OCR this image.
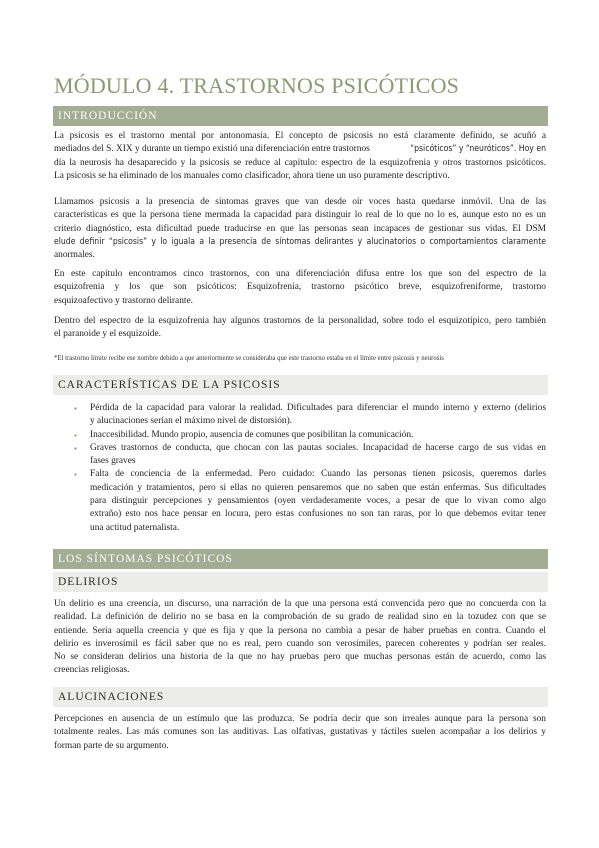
MÓDULO 4. TRASTORNOS PSICÓTICOS
INTRODUCCIÓN

La psicosis es el trastorno mental por antonomasia. El concepto de psicosis no está claramente definido, se acuñó a
mediados del S. XIX y durante un tiempo existió una diferenciación entre trastornos	“psicóticos” y “neuróticos”. Hoy en
día la neurosis ha desaparecido y la psicosis se reduce al capítulo: espectro de la esquizofrenia y otros trastornos psicóticos.
La psicosis se ha eliminado de los manuales como clasificador, ahora tiene un uso puramente descriptivo.

Llamamos psicosis a la presencia de síntomas graves que van desde oír voces hasta quedarse inmóvil. Una de las
características es que la persona tiene mermada la capacidad para distinguir lo real de lo que no lo es, aunque esto no es un
criterio diagnóstico, esta dificultad puede traducirse en que las personas sean incapaces de gestionar sus vidas. El DSM
elude definir “psicosis” y lo iguala a la presencia de síntomas delirantes y alucinatorios o comportamientos claramente
anormales.

En este capítulo encontramos cinco trastornos, con una diferenciación difusa entre los que son del espectro de la
esquizofrenia y los que son psicóticos: Esquizofrenia, trastorno psicótico breve, esquizofreniforme, trastorno
esquizoafectivo y trastorno delirante.

Dentro del espectro de la esquizofrenia hay algunos trastornos de la personalidad, sobre todo el esquizotípico, pero también
el paranoide y el esquizoide.

*El trastorno límite recibe ese nombre debido a que anteriormente se consideraba que este trastorno estaba en el límite entre psicosis y neurosis
CARACTERÍSTICAS DE LA PSICOSIS
▪ Pérdida de la capacidad para valorar la realidad. Dificultades para diferenciar el mundo interno y externo (delirios
y alucinaciones serían el máximo nivel de distorsión).
▪ Inaccesibilidad. Mundo propio, ausencia de comunes que posibilitan la comunicación.
▪ Graves trastornos de conducta, que chocan con las pautas sociales. Incapacidad de hacerse cargo de sus vidas en
fases graves
▪ Falta de conciencia de la enfermedad. Pero cuidado: Cuando las personas tienen psicosis, queremos darles
medicación y tratamientos, pero si ellas no quieren pensaremos que no saben que están enfermas. Sus dificultades
para distinguir percepciones y pensamientos (oyen verdaderamente voces, a pesar de que lo vivan como algo
extraño) esto nos hace pensar en locura, pero estas confusiones no son tan raras, por lo que debemos evitar tener
una actitud paternalista.
LOS SÍNTOMAS PSICÓTICOS
DELIRIOS

Un delirio es una creencia, un discurso, una narración de la que una persona está convencida pero que no concuerda con la
realidad. La definición de delirio no se basa en la comprobación de su grado de realidad sino en la tozudez con que se
entiende. Sería aquella creencia y que es fija y que la persona no cambia a pesar de haber pruebas en contra. Cuando el
delirio es inverosímil es fácil saber que no es real, pero cuando son verosímiles, parecen coherentes y podrían ser reales.
No se consideran delirios una historia de la que no hay pruebas pero que muchas personas están de acuerdo, como las
creencias religiosas.

ALUCINACIONES

Percepciones en ausencia de un estímulo que las produzca. Se podría decir que son irreales aunque para la persona son
totalmente reales. Las más comunes son las auditivas. Las olfativas, gustativas y táctiles suelen acompañar a los delirios y
forman parte de su argumento.
